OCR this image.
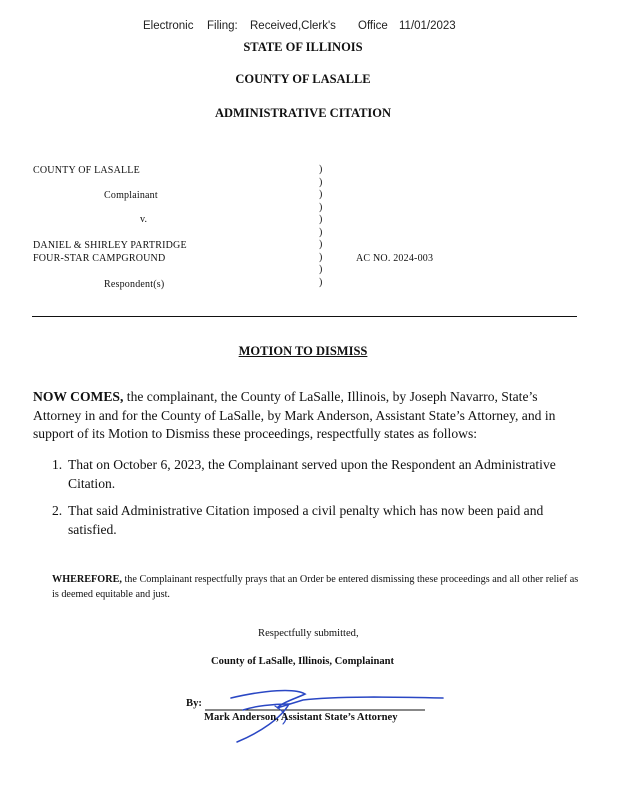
Electronic Filing: Received,Clerk's Office 11/01/2023
STATE OF ILLINOIS
COUNTY OF LASALLE
ADMINISTRATIVE CITATION
COUNTY OF LASALLE
Complainant
v.
DANIEL & SHIRLEY PARTRIDGE
FOUR-STAR CAMPGROUND
Respondent(s)
AC NO. 2024-003
)
)
)
)
)
)
)
)
)
)
MOTION TO DISMISS
NOW COMES, the complainant, the County of LaSalle, Illinois, by Joseph Navarro, State’s Attorney in and for the County of LaSalle, by Mark Anderson, Assistant State’s Attorney, and in support of its Motion to Dismiss these proceedings, respectfully states as follows:
1. That on October 6, 2023, the Complainant served upon the Respondent an Administrative Citation.
2. That said Administrative Citation imposed a civil penalty which has now been paid and satisfied.
WHEREFORE, the Complainant respectfully prays that an Order be entered dismissing these proceedings and all other relief as is deemed equitable and just.
Respectfully submitted,
County of LaSalle, Illinois, Complainant
By:
Mark Anderson, Assistant State’s Attorney
